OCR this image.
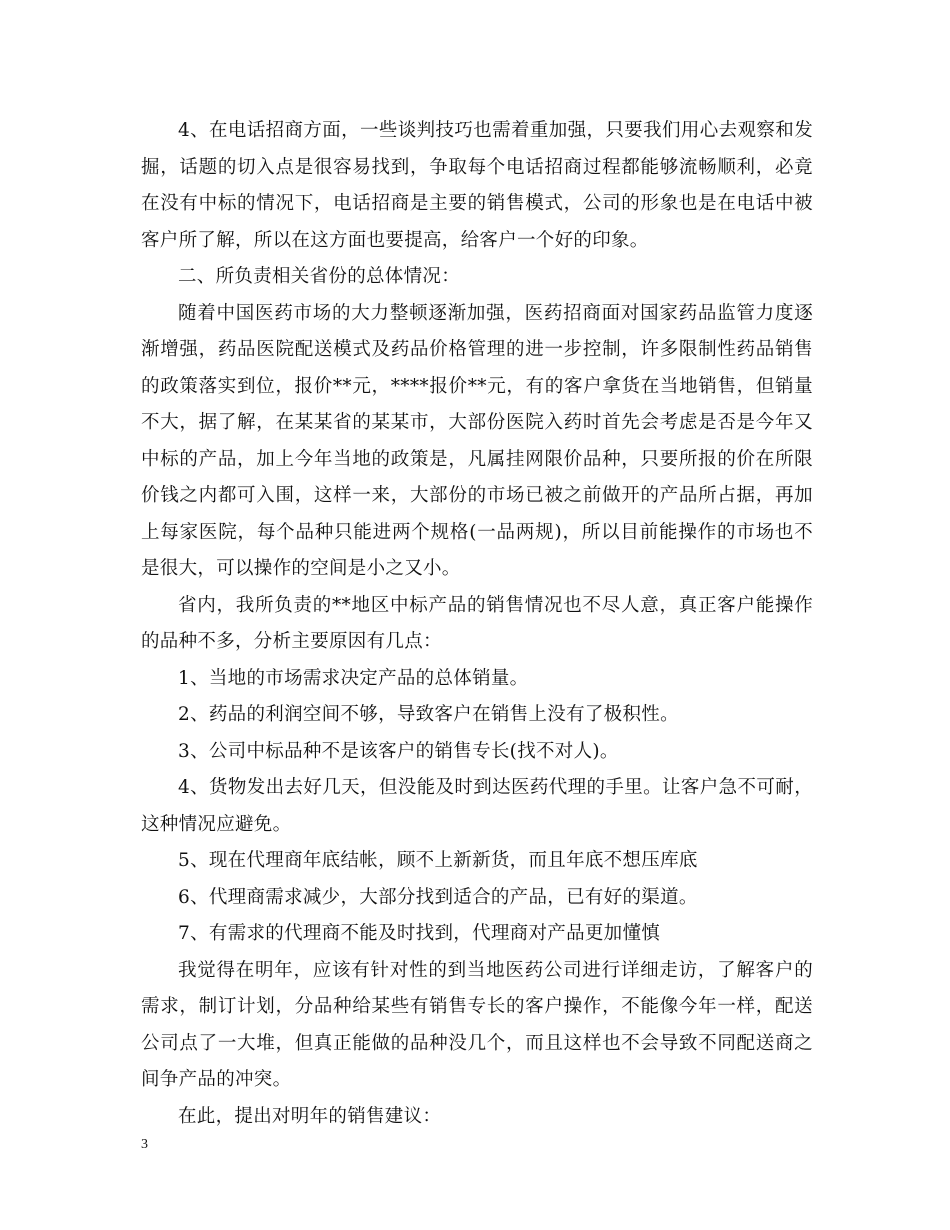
4、在电话招商方面，一些谈判技巧也需着重加强，只要我们用心去观察和发掘，话题的切入点是很容易找到，争取每个电话招商过程都能够流畅顺利，必竟在没有中标的情况下，电话招商是主要的销售模式，公司的形象也是在电话中被客户所了解，所以在这方面也要提高，给客户一个好的印象。

二、所负责相关省份的总体情况：

随着中国医药市场的大力整顿逐渐加强，医药招商面对国家药品监管力度逐渐增强，药品医院配送模式及药品价格管理的进一步控制，许多限制性药品销售的政策落实到位，报价**元，****报价**元，有的客户拿货在当地销售，但销量不大，据了解，在某某省的某某市，大部份医院入药时首先会考虑是否是今年又中标的产品，加上今年当地的政策是，凡属挂网限价品种，只要所报的价在所限价钱之内都可入围，这样一来，大部份的市场已被之前做开的产品所占据，再加上每家医院，每个品种只能进两个规格(一品两规)，所以目前能操作的市场也不是很大，可以操作的空间是小之又小。

省内，我所负责的**地区中标产品的销售情况也不尽人意，真正客户能操作的品种不多，分析主要原因有几点：

1、当地的市场需求决定产品的总体销量。

2、药品的利润空间不够，导致客户在销售上没有了极积性。

3、公司中标品种不是该客户的销售专长(找不对人)。

4、货物发出去好几天，但没能及时到达医药代理的手里。让客户急不可耐，这种情况应避免。

5、现在代理商年底结帐，顾不上新新货，而且年底不想压库底

6、代理商需求减少，大部分找到适合的产品，已有好的渠道。

7、有需求的代理商不能及时找到，代理商对产品更加懂慎

我觉得在明年，应该有针对性的到当地医药公司进行详细走访，了解客户的需求，制订计划，分品种给某些有销售专长的客户操作，不能像今年一样，配送公司点了一大堆，但真正能做的品种没几个，而且这样也不会导致不同配送商之间争产品的冲突。

在此，提出对明年的销售建议：

3
